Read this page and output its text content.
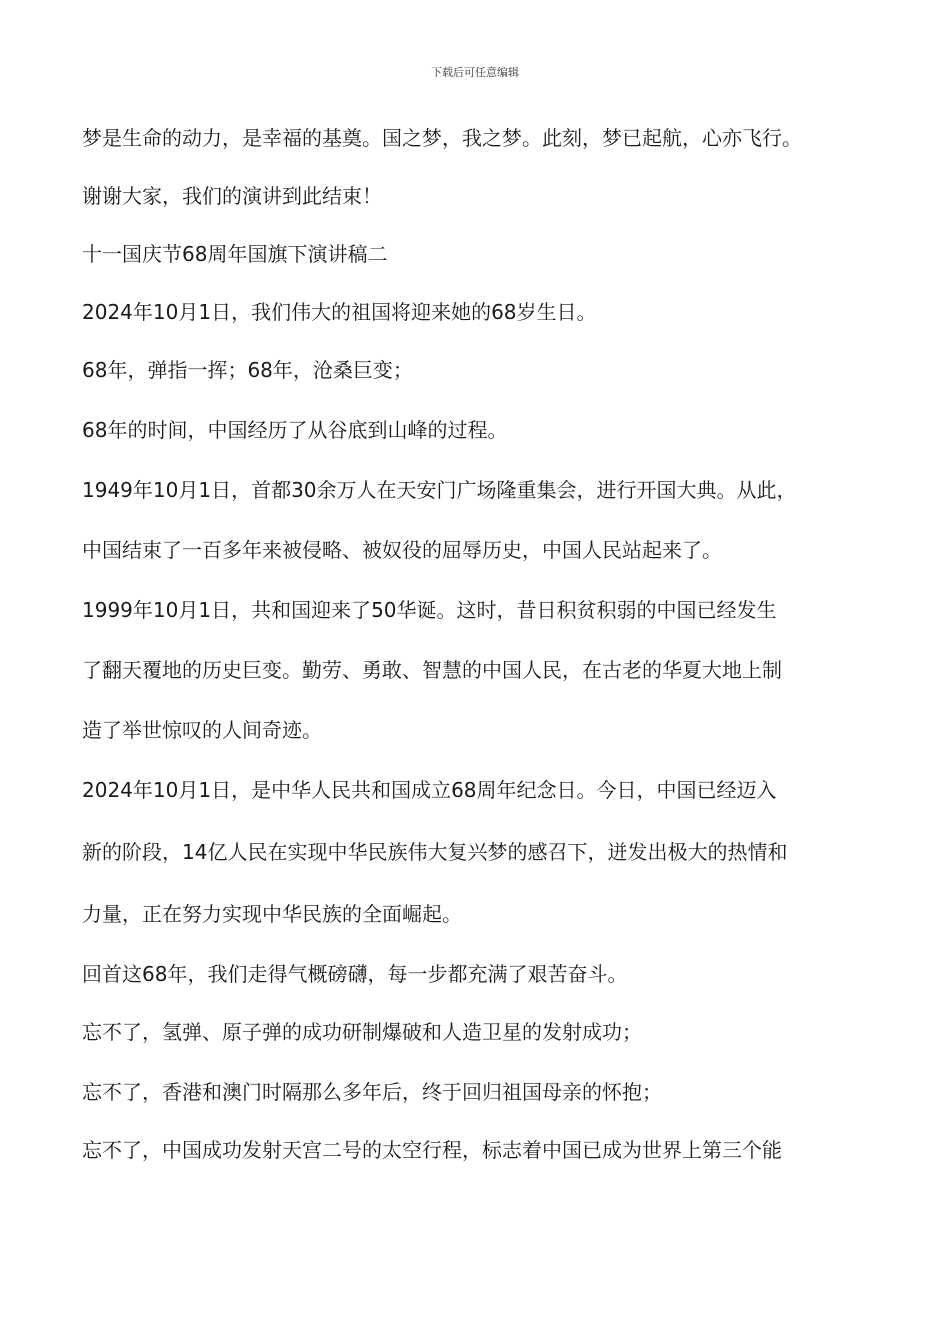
下载后可任意编辑
梦是生命的动力，是幸福的基奠。国之梦，我之梦。此刻，梦已起航，心亦飞行。
谢谢大家，我们的演讲到此结束！
十一国庆节68周年国旗下演讲稿二
2024年10月1日，我们伟大的祖国将迎来她的68岁生日。
68年，弹指一挥；68年，沧桑巨变；
68年的时间，中国经历了从谷底到山峰的过程。
1949年10月1日，首都30余万人在天安门广场隆重集会，进行开国大典。从此，
中国结束了一百多年来被侵略、被奴役的屈辱历史，中国人民站起来了。
1999年10月1日，共和国迎来了50华诞。这时，昔日积贫积弱的中国已经发生
了翻天覆地的历史巨变。勤劳、勇敢、智慧的中国人民，在古老的华夏大地上制
造了举世惊叹的人间奇迹。
2024年10月1日，是中华人民共和国成立68周年纪念日。今日，中国已经迈入
新的阶段，14亿人民在实现中华民族伟大复兴梦的感召下，迸发出极大的热情和
力量，正在努力实现中华民族的全面崛起。
回首这68年，我们走得气概磅礴，每一步都充满了艰苦奋斗。
忘不了，氢弹、原子弹的成功研制爆破和人造卫星的发射成功；
忘不了，香港和澳门时隔那么多年后，终于回归祖国母亲的怀抱；
忘不了，中国成功发射天宫二号的太空行程，标志着中国已成为世界上第三个能
